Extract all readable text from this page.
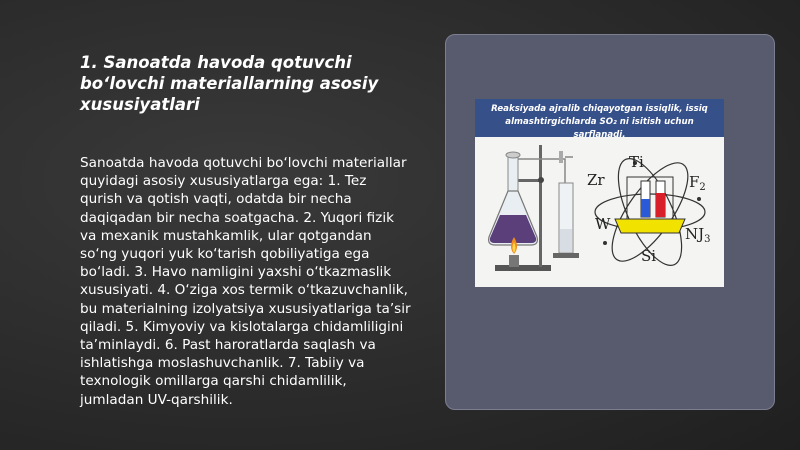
1. Sanoatda havoda qotuvchi bo‘lovchi materiallarning asosiy xususiyatlari

Sanoatda havoda qotuvchi bo‘lovchi materiallar quyidagi asosiy xususiyatlarga ega: 1. Tez qurish va qotish vaqti, odatda bir necha daqiqadan bir necha soatgacha. 2. Yuqori fizik va mexanik mustahkamlik, ular qotgandan so‘ng yuqori yuk ko‘tarish qobiliyatiga ega bo‘ladi. 3. Havo namligini yaxshi o‘tkazmaslik xususiyati. 4. O‘ziga xos termik o‘tkazuvchanlik, bu materialning izolyatsiya xususiyatlariga ta’sir qiladi. 5. Kimyoviy va kislotalarga chidamliligini ta’minlaydi. 6. Past haroratlarda saqlash va ishlatishga moslashuvchanlik. 7. Tabiiy va texnologik omillarga qarshi chidamlilik, jumladan UV-qarshilik.

Reaksiyada ajralib chiqayotgan issiqlik, issiq almashtirgichlarda SO₂ ni isitish uchun sarflanadi.
Ti
Zr	$F_2$
W
$NJ_3$
Si
